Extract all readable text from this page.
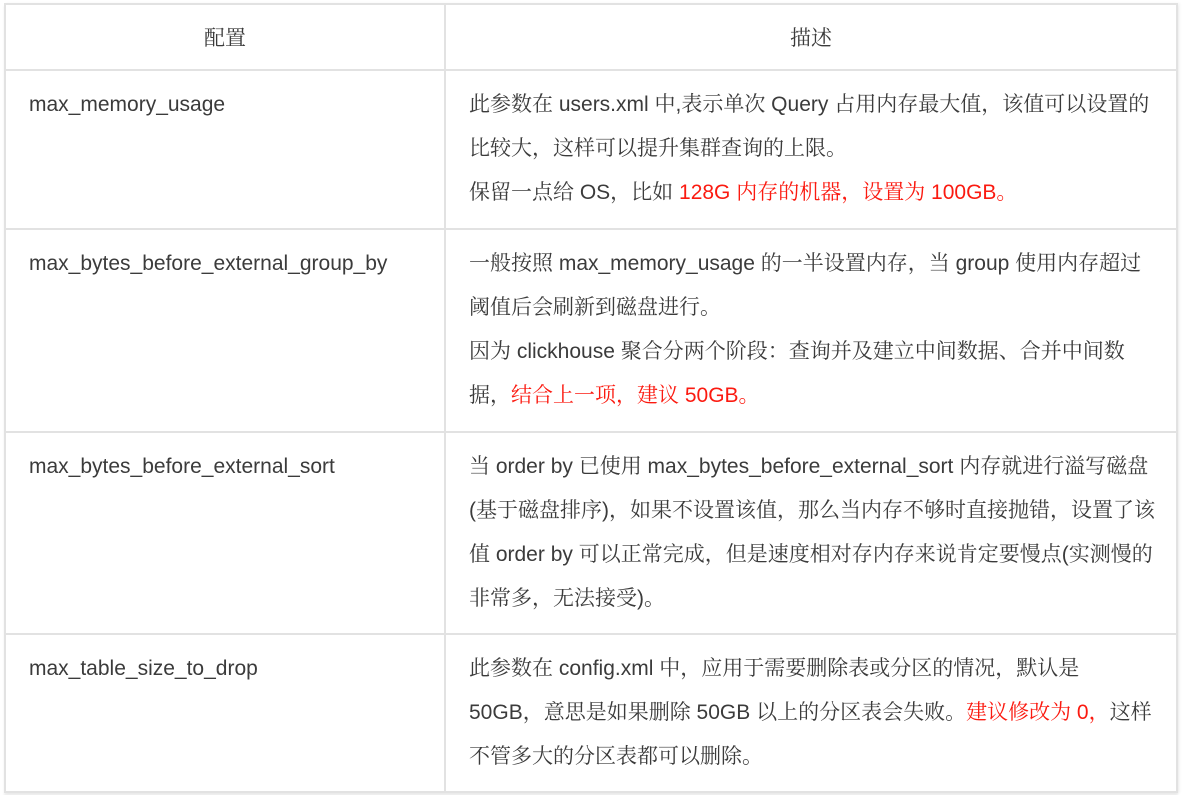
配置	描述
max_memory_usage	此参数在 users.xml 中,表示单次 Query 占用内存最大值，该值可以设置的比较大，这样可以提升集群查询的上限。
保留一点给 OS，比如 128G 内存的机器，设置为 100GB。

max_bytes_before_external_group_by	一般按照 max_memory_usage 的一半设置内存，当 group 使用内存超过阈值后会刷新到磁盘进行。
因为 clickhouse 聚合分两个阶段：查询并及建立中间数据、合并中间数据，结合上一项，建议 50GB。

max_bytes_before_external_sort	当 order by 已使用 max_bytes_before_external_sort 内存就进行溢写磁盘(基于磁盘排序)，如果不设置该值，那么当内存不够时直接抛错，设置了该值 order by 可以正常完成，但是速度相对存内存来说肯定要慢点(实测慢的非常多，无法接受)。

max_table_size_to_drop	此参数在 config.xml 中，应用于需要删除表或分区的情况，默认是 50GB，意思是如果删除 50GB 以上的分区表会失败。建议修改为 0，这样不管多大的分区表都可以删除。
